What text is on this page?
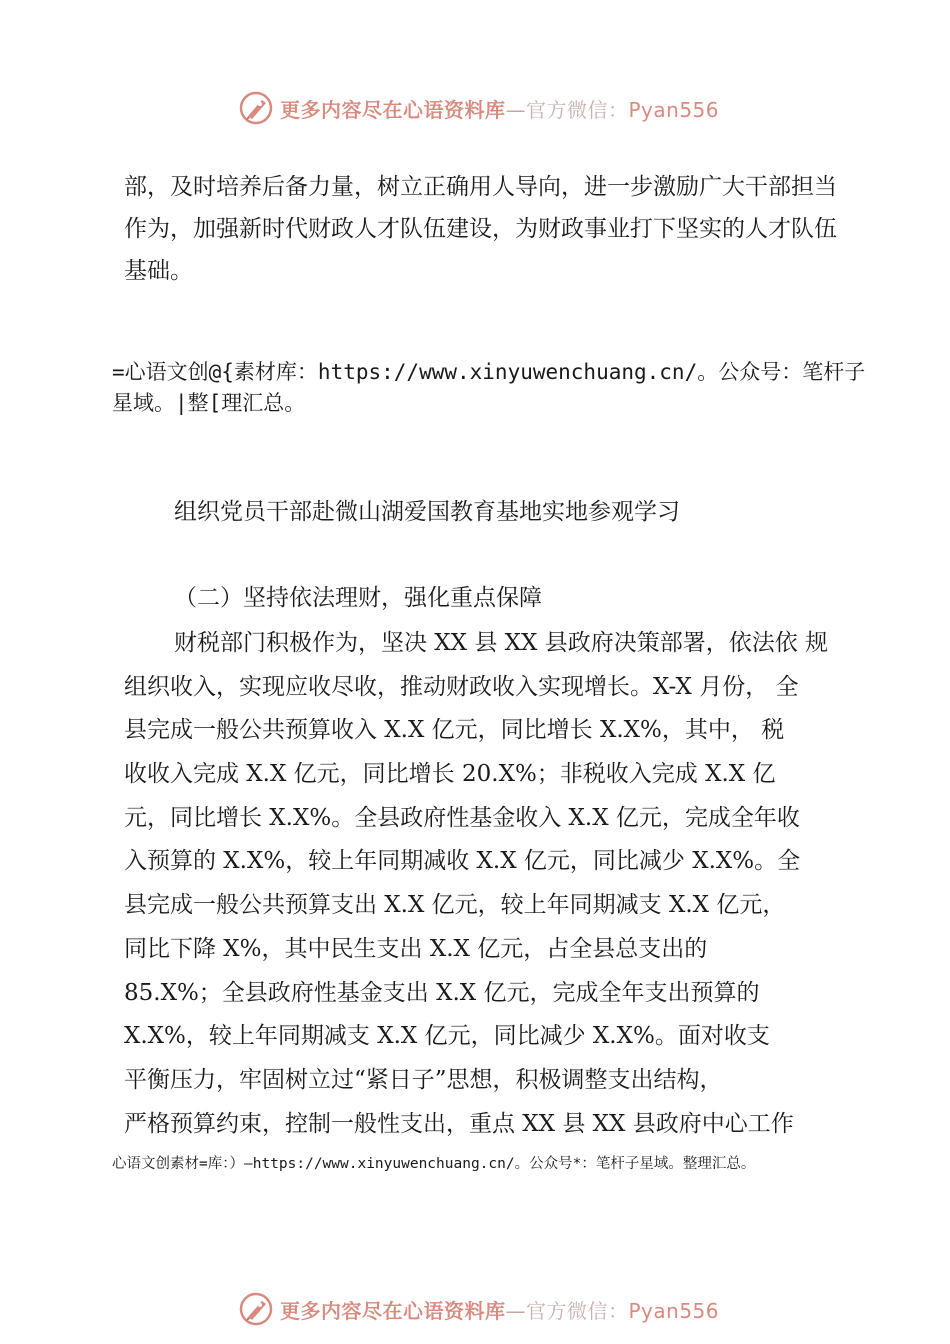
更多内容尽在心语资料库—官方微信：Pyan556

部，及时培养后备力量，树立正确用人导向，进一步激励广大干部担当作为，加强新时代财政人才队伍建设，为财政事业打下坚实的人才队伍基础。

=心语文创@{素材库：https://www.xinyuwenchuang.cn/。公众号：笔杆子星域。|整[理汇总。

组织党员干部赴微山湖爱国教育基地实地参观学习

（二）坚持依法理财，强化重点保障

财税部门积极作为，坚决 XX 县 XX 县政府决策部署，依法依 规
组织收入，实现应收尽收，推动财政收入实现增长。X-X 月份， 全
县完成一般公共预算收入 X.X 亿元，同比增长 X.X%，其中， 税
收收入完成 X.X 亿元，同比增长 20.X%；非税收入完成 X.X 亿
元，同比增长 X.X%。全县政府性基金收入 X.X 亿元，完成全年收
入预算的 X.X%，较上年同期减收 X.X 亿元，同比减少 X.X%。全
县完成一般公共预算支出 X.X 亿元，较上年同期减支 X.X 亿元，
同比下降 X%，其中民生支出 X.X 亿元，占全县总支出的
85.X%；全县政府性基金支出 X.X 亿元，完成全年支出预算的
X.X%，较上年同期减支 X.X 亿元，同比减少 X.X%。面对收支
平衡压力，牢固树立过“紧日子”思想，积极调整支出结构，
严格预算约束，控制一般性支出，重点 XX 县 XX 县政府中心工作

心语文创素材=库：）—https://www.xinyuwenchuang.cn/。公众号*：笔杆子星域。整理汇总。

更多内容尽在心语资料库—官方微信：Pyan556
